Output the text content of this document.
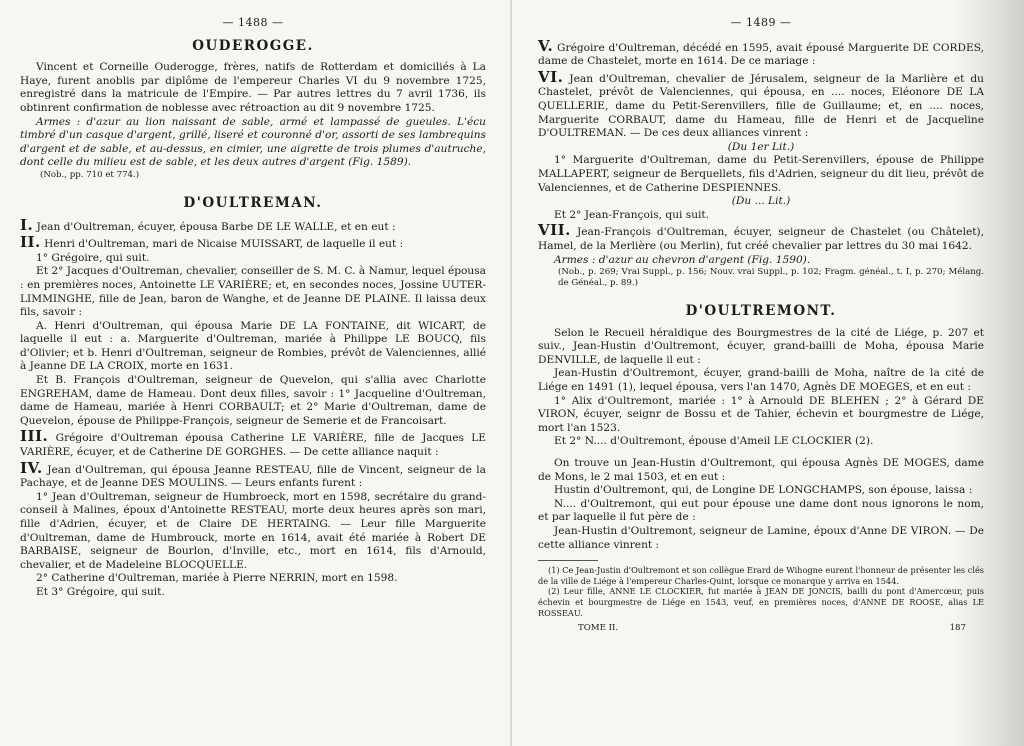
— 1488 —
OUDEROGGE.

Vincent et Corneille Ouderogge, frères, natifs de Rotterdam et domiciliés à La Haye, furent anoblis par diplôme de l'empereur Charles VI du 9 novembre 1725, enregistré dans la matricule de l'Empire. — Par autres lettres du 7 avril 1736, ils obtinrent confirmation de noblesse avec rétroaction au dit 9 novembre 1725.

Armes : d'azur au lion naissant de sable, armé et lampassé de gueules. L'écu timbré d'un casque d'argent, grillé, liseré et couronné d'or, assorti de ses lambrequins d'argent et de sable, et au-dessus, en cimier, une aigrette de trois plumes d'autruche, dont celle du milieu est de sable, et les deux autres d'argent (Fig. 1589).

(Nob., pp. 710 et 774.)

D'OULTREMAN.

I. Jean d'Oultreman, écuyer, épousa Barbe DE LE WALLE, et en eut :

II. Henri d'Oultreman, mari de Nicaise MUISSART, de laquelle il eut :

1° Grégoire, qui suit.

Et 2° Jacques d'Oultreman, chevalier, conseiller de S. M. C. à Namur, lequel épousa : en premières noces, Antoinette LE VARIÈRE; et, en secondes noces, Jossine UUTER-LIMMINGHE, fille de Jean, baron de Wanghe, et de Jeanne DE PLAINE. Il laissa deux fils, savoir :

A. Henri d'Oultreman, qui épousa Marie DE LA FONTAINE, dit WICART, de laquelle il eut : a. Marguerite d'Oultreman, mariée à Philippe LE BOUCQ, fils d'Olivier; et b. Henri d'Oultreman, seigneur de Rombies, prévôt de Valenciennes, allié à Jeanne DE LA CROIX, morte en 1631.

Et B. François d'Oultreman, seigneur de Quevelon, qui s'allia avec Charlotte ENGREHAM, dame de Hameau. Dont deux filles, savoir : 1° Jacqueline d'Oultreman, dame de Hameau, mariée à Henri CORBAULT; et 2° Marie d'Oultreman, dame de Quevelon, épouse de Philippe-François, seigneur de Semerie et de Francoisart.

III. Grégoire d'Oultreman épousa Catherine LE VARIÈRE, fille de Jacques LE VARIÈRE, écuyer, et de Catherine DE GORGHES. — De cette alliance naquit :

IV. Jean d'Oultreman, qui épousa Jeanne RESTEAU, fille de Vincent, seigneur de la Pachaye, et de Jeanne DES MOULINS. — Leurs enfants furent :

1° Jean d'Oultreman, seigneur de Humbroeck, mort en 1598, secrétaire du grand-conseil à Malines, époux d'Antoinette RESTEAU, morte deux heures après son mari, fille d'Adrien, écuyer, et de Claire DE HERTAING. — Leur fille Marguerite d'Oultreman, dame de Humbrouck, morte en 1614, avait été mariée à Robert DE BARBAISE, seigneur de Bourlon, d'Inville, etc., mort en 1614, fils d'Arnould, chevalier, et de Madeleine BLOCQUELLE.

2° Catherine d'Oultreman, mariée à Pierre NERRIN, mort en 1598.

Et 3° Grégoire, qui suit.

— 1489 —

V. Grégoire d'Oultreman, décédé en 1595, avait épousé Marguerite DE CORDES, dame de Chastelet, morte en 1614. De ce mariage :

VI. Jean d'Oultreman, chevalier de Jérusalem, seigneur de la Marlière et du Chastelet, prévôt de Valenciennes, qui épousa, en .... noces, Eléonore DE LA QUELLERIE, dame du Petit-Serenvillers, fille de Guillaume; et, en .... noces, Marguerite CORBAUT, dame du Hameau, fille de Henri et de Jacqueline D'OULTREMAN. — De ces deux alliances vinrent :

(Du 1er Lit.)

1° Marguerite d'Oultreman, dame du Petit-Serenvillers, épouse de Philippe MALLAPERT, seigneur de Berquellets, fils d'Adrien, seigneur du dit lieu, prévôt de Valenciennes, et de Catherine DESPIENNES.

(Du ... Lit.)

Et 2° Jean-François, qui suit.

VII. Jean-François d'Oultreman, écuyer, seigneur de Chastelet (ou Châtelet), Hamel, de la Merlière (ou Merlin), fut créé chevalier par lettres du 30 mai 1642.

Armes : d'azur au chevron d'argent (Fig. 1590).

(Nob., p. 269; Vrai Suppl., p. 156; Nouv. vrai Suppl., p. 102; Fragm. généal., t. I, p. 270; Mélang. de Généal., p. 89.)

D'OULTREMONT.

Selon le Recueil héraldique des Bourgmestres de la cité de Liége, p. 207 et suiv., Jean-Hustin d'Oultremont, écuyer, grand-bailli de Moha, épousa Marie DENVILLE, de laquelle il eut :

Jean-Hustin d'Oultremont, écuyer, grand-bailli de Moha, naître de la cité de Liége en 1491 (1), lequel épousa, vers l'an 1470, Agnès DE MOEGES, et en eut :

1° Alix d'Oultremont, mariée : 1° à Arnould DE BLEHEN ; 2° à Gérard DE VIRON, écuyer, seignr de Bossu et de Tahier, échevin et bourgmestre de Liége, mort l'an 1523.

Et 2° N.... d'Oultremont, épouse d'Ameil LE CLOCKIER (2).

On trouve un Jean-Hustin d'Oultremont, qui épousa Agnès DE MOGES, dame de Mons, le 2 mai 1503, et en eut :

Hustin d'Oultremont, qui, de Longine DE LONGCHAMPS, son épouse, laissa :

N.... d'Oultremont, qui eut pour épouse une dame dont nous ignorons le nom, et par laquelle il fut père de :

Jean-Hustin d'Oultremont, seigneur de Lamine, époux d'Anne DE VIRON. — De cette alliance vinrent :

(1) Ce Jean-Justin d'Oultremont et son collègue Erard de Wihogne eurent l'honneur de présenter les clés de la ville de Liége à l'empereur Charles-Quint, lorsque ce monarque y arriva en 1544.

(2) Leur fille, ANNE LE CLOCKIER, fut mariée à JEAN DE JONCIS, bailli du pont d'Amercœur, puis échevin et bourgmestre de Liége en 1543, veuf, en premières noces, d'ANNE DE ROOSE, alias LE ROSSEAU.

TOME II.	187
